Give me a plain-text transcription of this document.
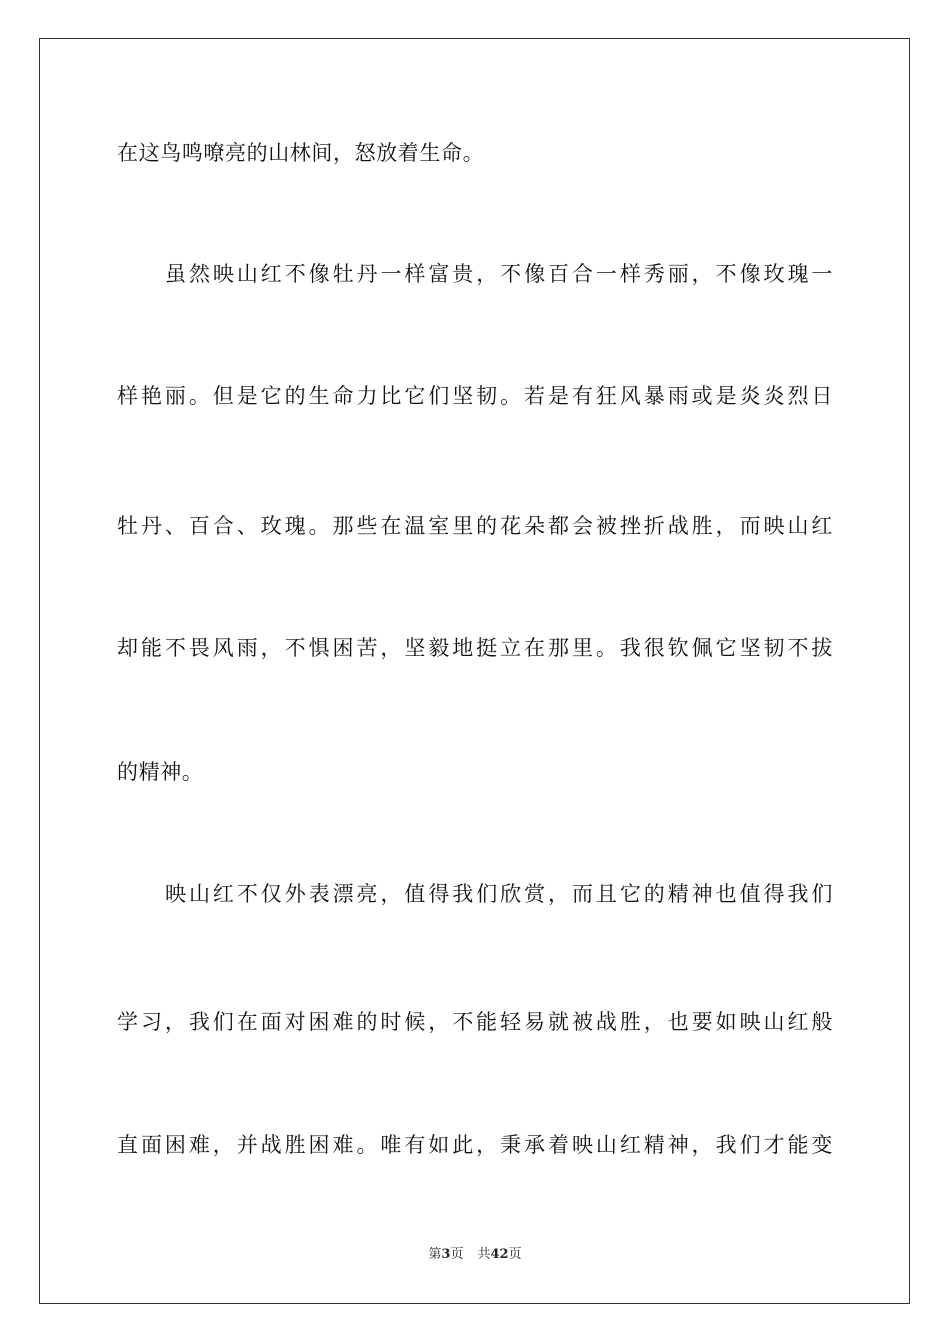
在这鸟鸣嘹亮的山林间，怒放着生命。
虽然映山红不像牡丹一样富贵，不像百合一样秀丽，不像玫瑰一
样艳丽。但是它的生命力比它们坚韧。若是有狂风暴雨或是炎炎烈日
牡丹、百合、玫瑰。那些在温室里的花朵都会被挫折战胜，而映山红
却能不畏风雨，不惧困苦，坚毅地挺立在那里。我很钦佩它坚韧不拔
的精神。
映山红不仅外表漂亮，值得我们欣赏，而且它的精神也值得我们
学习，我们在面对困难的时候，不能轻易就被战胜，也要如映山红般
直面困难，并战胜困难。唯有如此，秉承着映山红精神，我们才能变
第3页 共42页
